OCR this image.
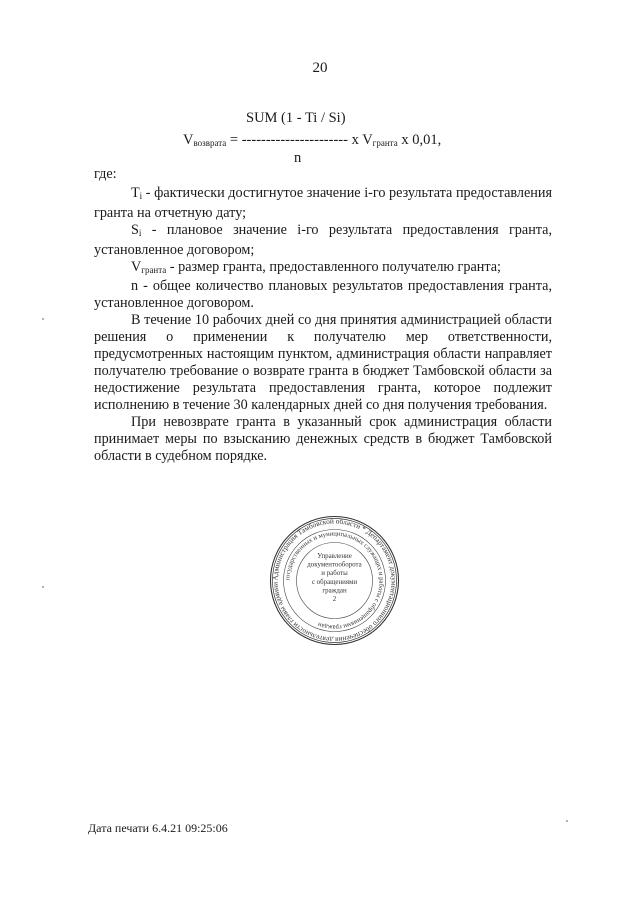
20
SUM (1 - Ti / Si)
$V_{возврата}$ = ---------------------- x $V_{гранта}$ x 0,01,
n

где:

$T_i$ - фактически достигнутое значение i-го результата предоставления гранта на отчетную дату;

$S_i$ - плановое значение i-го результата предоставления гранта, установленное договором;

$V_{гранта}$ - размер гранта, предоставленного получателю гранта;

n - общее количество плановых результатов предоставления гранта, установленное договором.

В течение 10 рабочих дней со дня принятия администрацией области решения о применении к получателю мер ответственности, предусмотренных настоящим пунктом, администрация области направляет получателю требование о возврате гранта в бюджет Тамбовской области за недостижение результата предоставления гранта, которое подлежит исполнению в течение 30 календарных дней со дня получения требования.

При невозврате гранта в указанный срок администрация области принимает меры по взысканию денежных средств в бюджет Тамбовской области в судебном порядке.

Администрация Тамбовской области * Департамент документационного обеспечения деятельности главы админи
государственных и муниципальных служащих и работы с обращениями граждан
Управление
документооборота
и работы
с обращениями
граждан
2
Дата печати 6.4.21 09:25:06
